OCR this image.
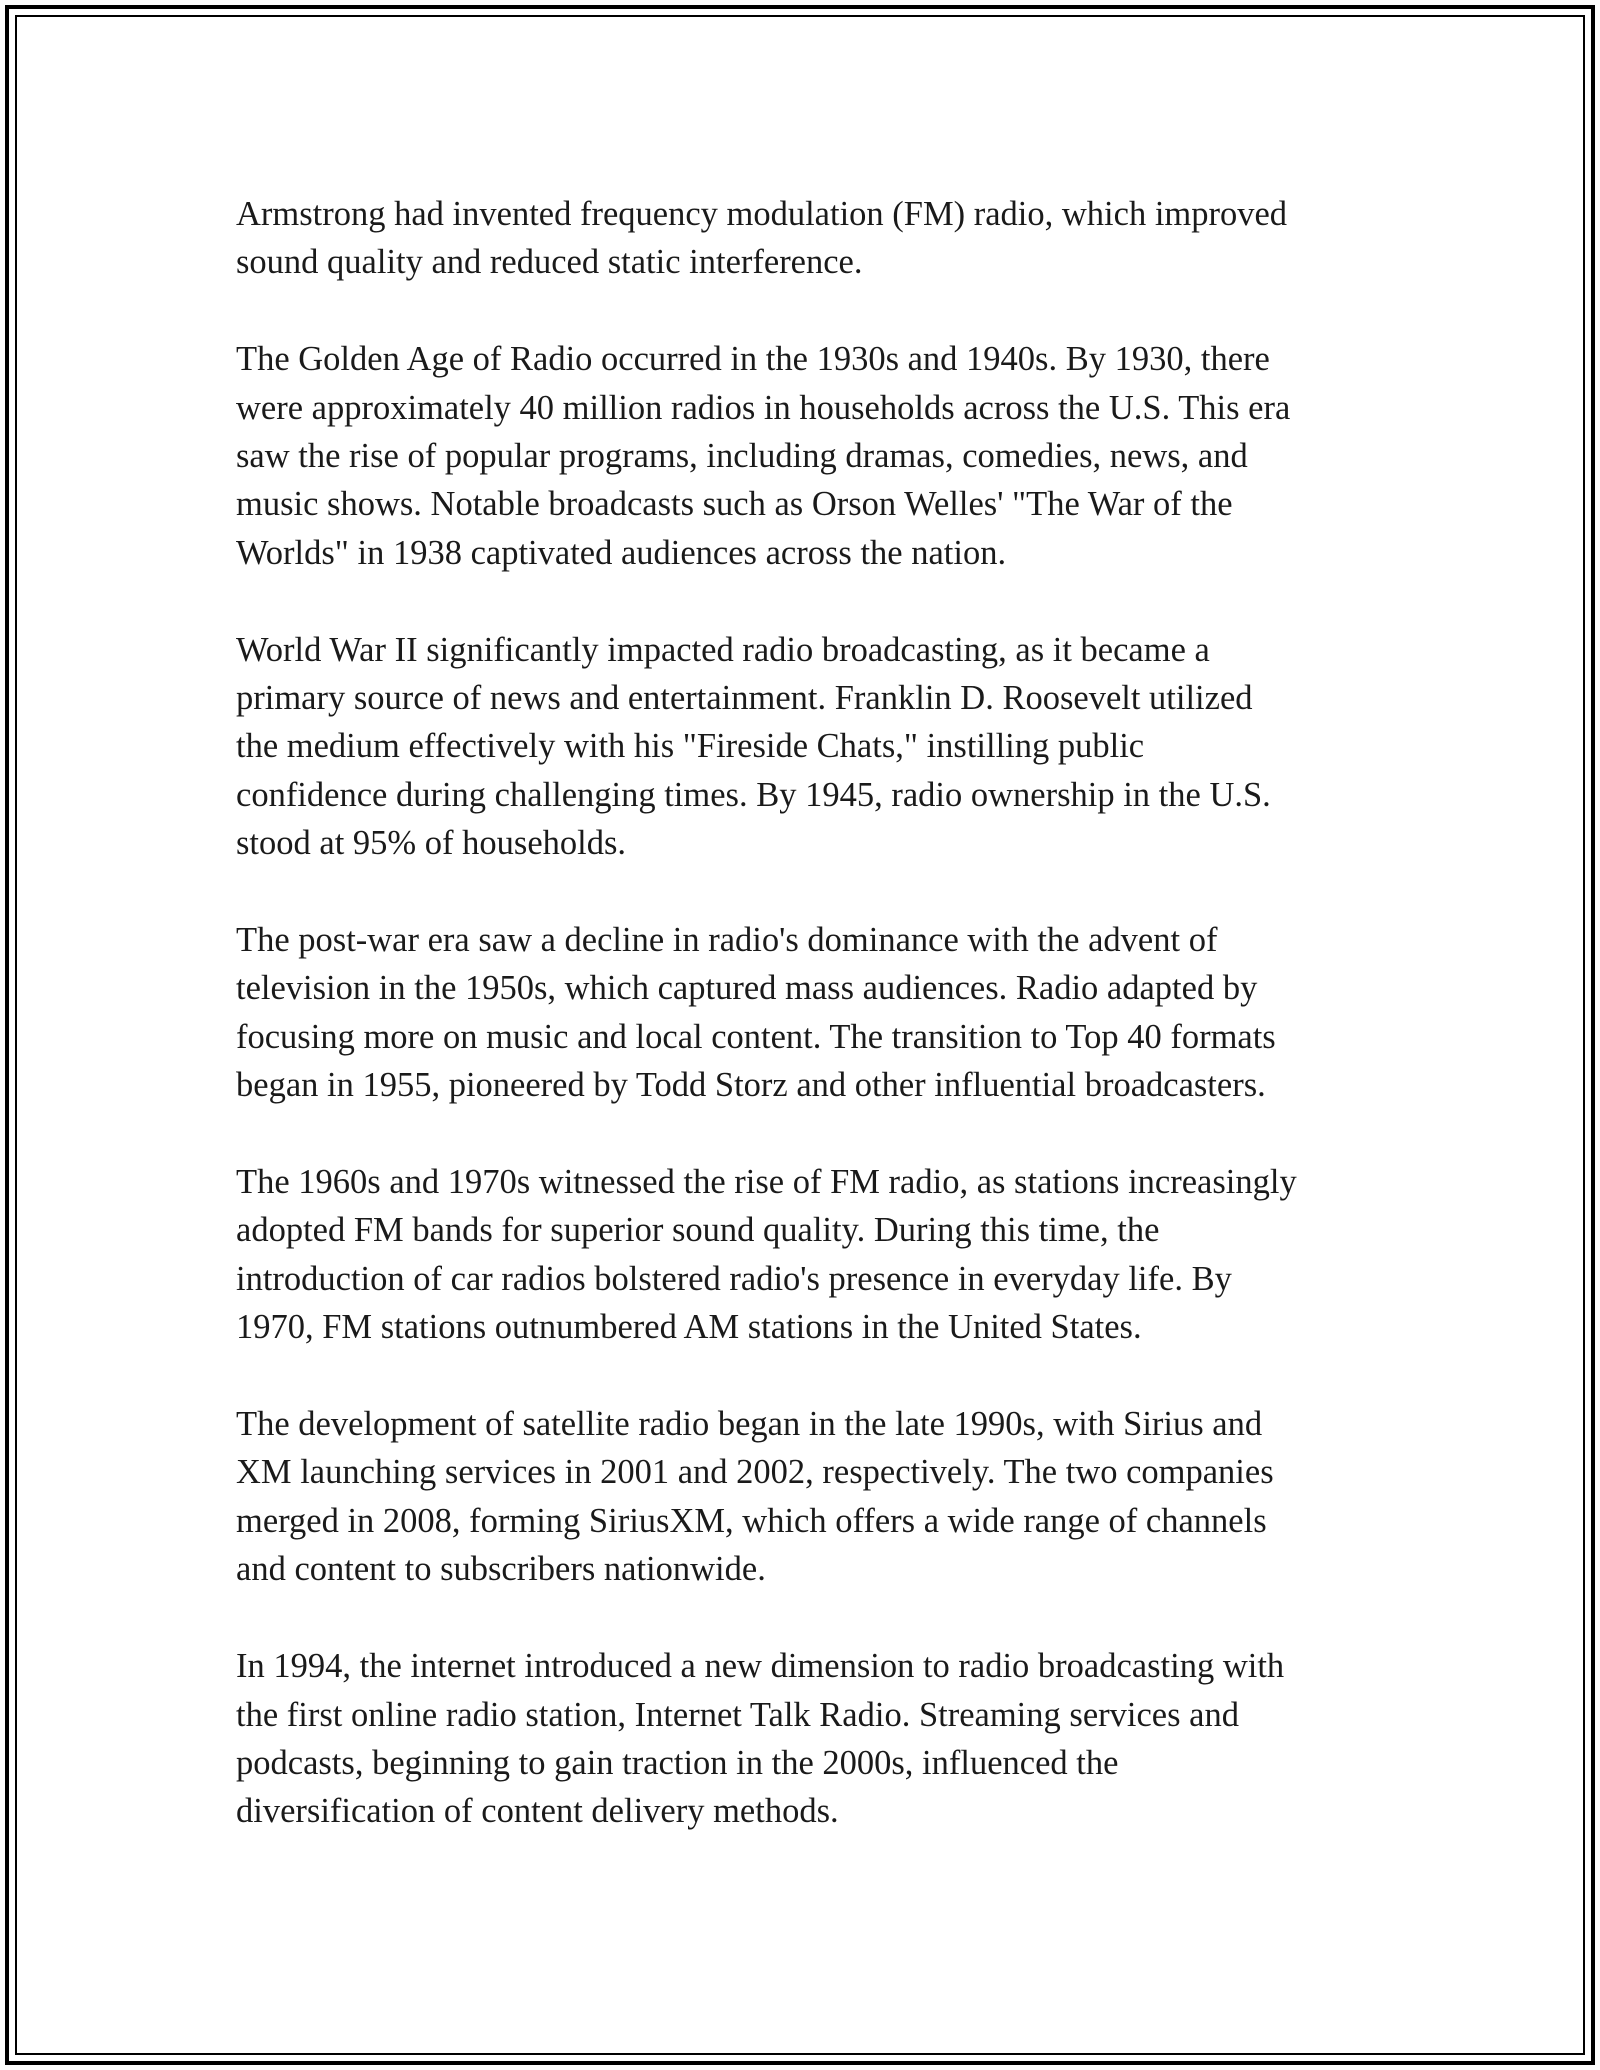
Armstrong had invented frequency modulation (FM) radio, which improved
sound quality and reduced static interference.

The Golden Age of Radio occurred in the 1930s and 1940s. By 1930, there
were approximately 40 million radios in households across the U.S. This era
saw the rise of popular programs, including dramas, comedies, news, and
music shows. Notable broadcasts such as Orson Welles' "The War of the
Worlds" in 1938 captivated audiences across the nation.

World War II significantly impacted radio broadcasting, as it became a
primary source of news and entertainment. Franklin D. Roosevelt utilized
the medium effectively with his "Fireside Chats," instilling public
confidence during challenging times. By 1945, radio ownership in the U.S.
stood at 95% of households.

The post-war era saw a decline in radio's dominance with the advent of
television in the 1950s, which captured mass audiences. Radio adapted by
focusing more on music and local content. The transition to Top 40 formats
began in 1955, pioneered by Todd Storz and other influential broadcasters.

The 1960s and 1970s witnessed the rise of FM radio, as stations increasingly
adopted FM bands for superior sound quality. During this time, the
introduction of car radios bolstered radio's presence in everyday life. By
1970, FM stations outnumbered AM stations in the United States.

The development of satellite radio began in the late 1990s, with Sirius and
XM launching services in 2001 and 2002, respectively. The two companies
merged in 2008, forming SiriusXM, which offers a wide range of channels
and content to subscribers nationwide.

In 1994, the internet introduced a new dimension to radio broadcasting with
the first online radio station, Internet Talk Radio. Streaming services and
podcasts, beginning to gain traction in the 2000s, influenced the
diversification of content delivery methods.
